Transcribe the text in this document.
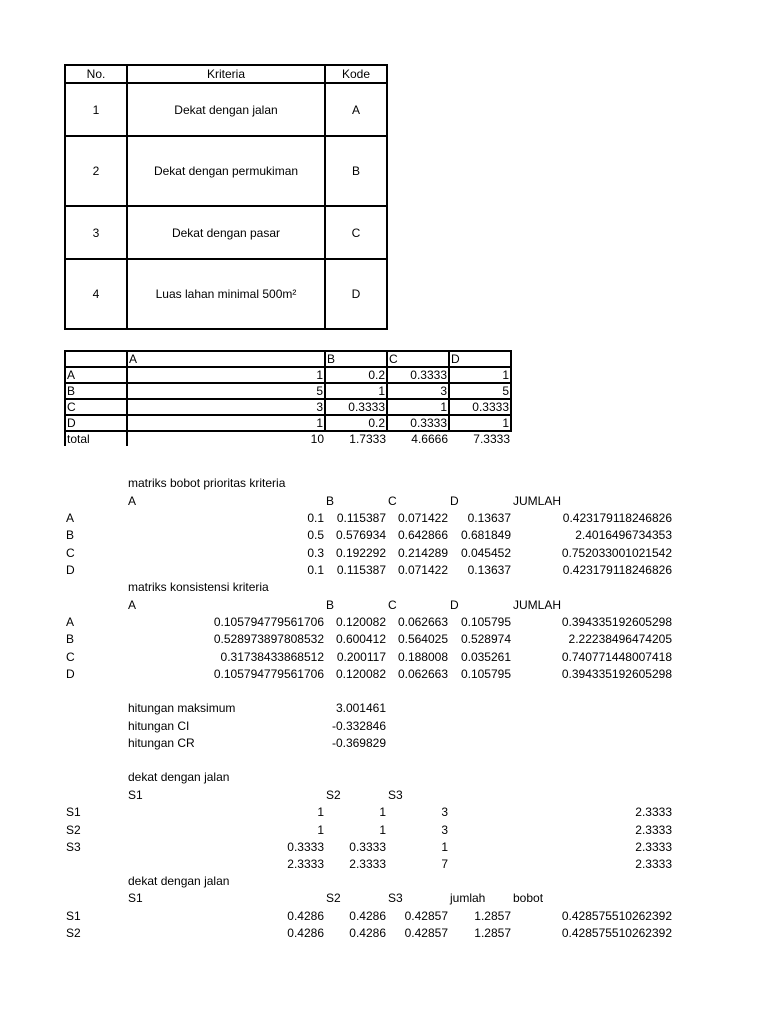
No.	Kriteria	Kode
1	Dekat dengan jalan	A
2	Dekat dengan permukiman	B
3	Dekat dengan pasar	C
4	Luas lahan minimal 500m²	D
	A	B	C	D
A	1	0.2	0.3333	1
B	5	1	3	5
C	3	0.3333	1	0.3333
D	1	0.2	0.3333	1
total	10	1.7333	4.6666	7.3333
matriks bobot prioritas kriteria
A	B	C	D	JUMLAH
A	0.1 0.115387 0.071422 0.13637	0.423179118246826
B	0.5 0.576934 0.642866 0.681849	2.4016496734353
C	0.3 0.192292 0.214289 0.045452	0.752033001021542
D	0.1 0.115387 0.071422 0.13637	0.423179118246826
matriks konsistensi kriteria
A	B	C	D	JUMLAH
A	0.105794779561706 0.120082 0.062663 0.105795	0.394335192605298
B	0.528973897808532 0.600412 0.564025 0.528974	2.22238496474205
C	0.31738433868512 0.200117 0.188008 0.035261	0.740771448007418
D	0.105794779561706 0.120082 0.062663 0.105795	0.394335192605298
hitungan maksimum	3.001461
hitungan CI	-0.332846
hitungan CR	-0.369829
dekat dengan jalan
S1	S2	S3
S1	1	1	3	2.3333
S2	1	1	3	2.3333
S3	0.3333 0.3333	1	2.3333
2.3333 2.3333	7	2.3333
dekat dengan jalan
S1	S2	S3	jumlah bobot
S1	0.4286 0.4286 0.42857 1.2857	0.428575510262392
S2	0.4286 0.4286 0.42857 1.2857	0.428575510262392
